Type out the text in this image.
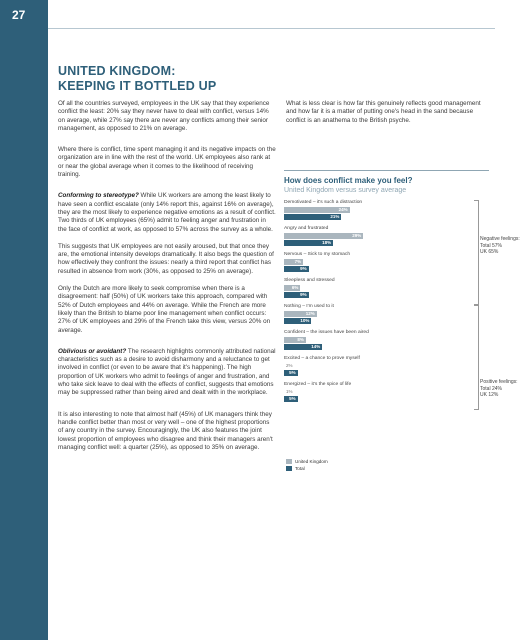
27
UNITED KINGDOM:
KEEPING IT BOTTLED UP

Of all the countries surveyed, employees in the UK say that they experience conflict the least: 20% say they never have to deal with conflict, versus 14% on average, while 27% say there are never any conflicts among their senior management, as opposed to 21% on average.

Where there is conflict, time spent managing it and its negative impacts on the organization are in line with the rest of the world. UK employees also rank at or near the global average when it comes to the likelihood of receiving training.

Conforming to stereotype? While UK workers are among the least likely to have seen a conflict escalate (only 14% report this, against 16% on average), they are the most likely to experience negative emotions as a result of conflict. Two thirds of UK employees (65%) admit to feeling anger and frustration in the face of conflict at work, as opposed to 57% across the survey as a whole.

This suggests that UK employees are not easily aroused, but that once they are, the emotional intensity develops dramatically. It also begs the question of how effectively they confront the issues: nearly a third report that conflict has resulted in absence from work (30%, as opposed to 25% on average).

Only the Dutch are more likely to seek compromise when there is a disagreement: half (50%) of UK workers take this approach, compared with 52% of Dutch employees and 44% on average. While the French are more likely than the British to blame poor line management when conflict occurs: 27% of UK employees and 29% of the French take this view, versus 20% on average.

Oblivious or avoidant? The research highlights commonly attributed national characteristics such as a desire to avoid disharmony and a reluctance to get involved in conflict (or even to be aware that it's happening). The high proportion of UK workers who admit to feelings of anger and frustration, and who take sick leave to deal with the effects of conflict, suggests that emotions may be suppressed rather than being aired and dealt with in the workplace.

It is also interesting to note that almost half (45%) of UK managers think they handle conflict better than most or very well – one of the highest proportions of any country in the survey. Encouragingly, the UK also features the joint lowest proportion of employees who disagree and think their managers aren't managing conflict well: a quarter (25%), as opposed to 35% on average.

What is less clear is how far this genuinely reflects good management and how far it is a matter of putting one's head in the sand because conflict is an anathema to the British psyche.

How does conflict make you feel?
United Kingdom versus survey average
Demotivated – it's such a distraction
24%
21%
Angry and frustrated
29%
18%
Nervous – Sick to my stomach
7%
9%
Sleepless and stressed
6%
9%
Nothing – I'm used to it
12%
10%
Confident – the issues have been aired
8%
14%
Excited – a chance to prove myself
2%
5%
Energized – it's the spice of life
1%
5%
Negative feelings:
Total 57%
UK 65%
Positive feelings:
Total 24%
UK 12%
United Kingdom
Total
